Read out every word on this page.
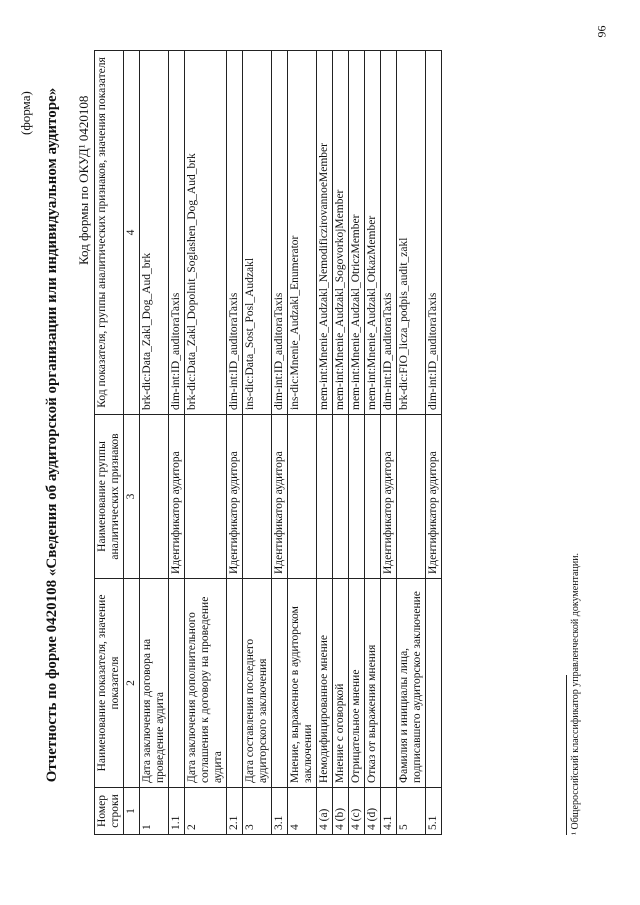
(форма) Отчетность по форме 0420108 «Сведения об аудиторской организации или индивидуальном аудиторе» Код формы по ОКУД¹ 0420108
Номер строки	Наименование показателя, значение показателя	Наименование группы аналитических признаков	Код показателя, группы аналитических признаков, значения показателя
1	2	3	4
1	Дата заключения договора на проведение аудита		brk-dic:Data_Zakl_Dog_Aud_brk
1.1		Идентификатор аудитора	dim-int:ID_auditoraTaxis
2	Дата заключения дополнительного соглашения к договору на проведение аудита		brk-dic:Data_Zakl_Dopolnit_Soglashen_Dog_Aud_brk
2.1		Идентификатор аудитора	dim-int:ID_auditoraTaxis
3	Дата составления последнего аудиторского заключения		ins-dic:Data_Sost_Posl_Audzakl
3.1		Идентификатор аудитора	dim-int:ID_auditoraTaxis
4	Мнение, выраженное в аудиторском заключении		ins-dic:Mnenie_Audzakl_Enumerator
4 (a)	Немодифицированное мнение		mem-int:Mnenie_Audzakl_NemodificzirovannoeMember
4 (b)	Мнение с оговоркой		mem-int:Mnenie_Audzakl_SogovorkojMember
4 (c)	Отрицательное мнение		mem-int:Mnenie_Audzakl_OtriczMember
4 (d)	Отказ от выражения мнения		mem-int:Mnenie_Audzakl_OtkazMember
4.1		Идентификатор аудитора	dim-int:ID_auditoraTaxis
5	Фамилия и инициалы лица, подписавшего аудиторское заключение		brk-dic:FIO_licza_podpis_audit_zakl
5.1		Идентификатор аудитора	dim-int:ID_auditoraTaxis
¹ Общероссийский классификатор управленческой документации.
96
